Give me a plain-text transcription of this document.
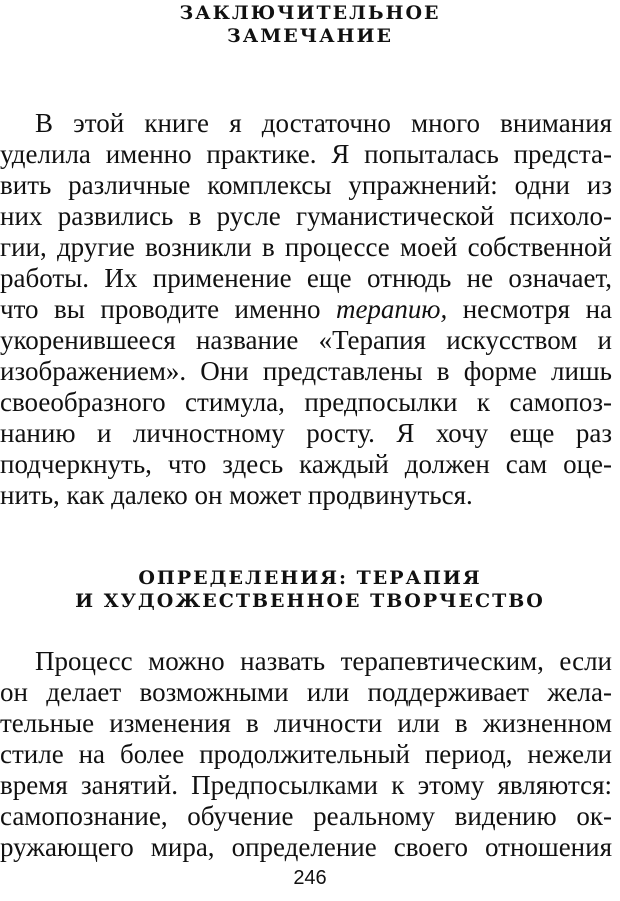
ЗАКЛЮЧИТЕЛЬНОЕ
ЗАМЕЧАНИЕ
В этой книге я достаточно много внимания
уделила именно практике. Я попыталась предста-
вить различные комплексы упражнений: одни из
них развились в русле гуманистической психоло-
гии, другие возникли в процессе моей собственной
работы. Их применение еще отнюдь не означает,
что вы проводите именно терапию, несмотря на
укоренившееся название «Терапия искусством и
изображением». Они представлены в форме лишь
своеобразного стимула, предпосылки к самопоз-
нанию и личностному росту. Я хочу еще раз
подчеркнуть, что здесь каждый должен сам оце-
нить, как далеко он может продвинуться.
ОПРЕДЕЛЕНИЯ: ТЕРАПИЯ
И ХУДОЖЕСТВЕННОЕ ТВОРЧЕСТВО
Процесс можно назвать терапевтическим, если
он делает возможными или поддерживает жела-
тельные изменения в личности или в жизненном
стиле на более продолжительный период, нежели
время занятий. Предпосылками к этому являются:
самопознание, обучение реальному видению ок-
ружающего мира, определение своего отношения
246
